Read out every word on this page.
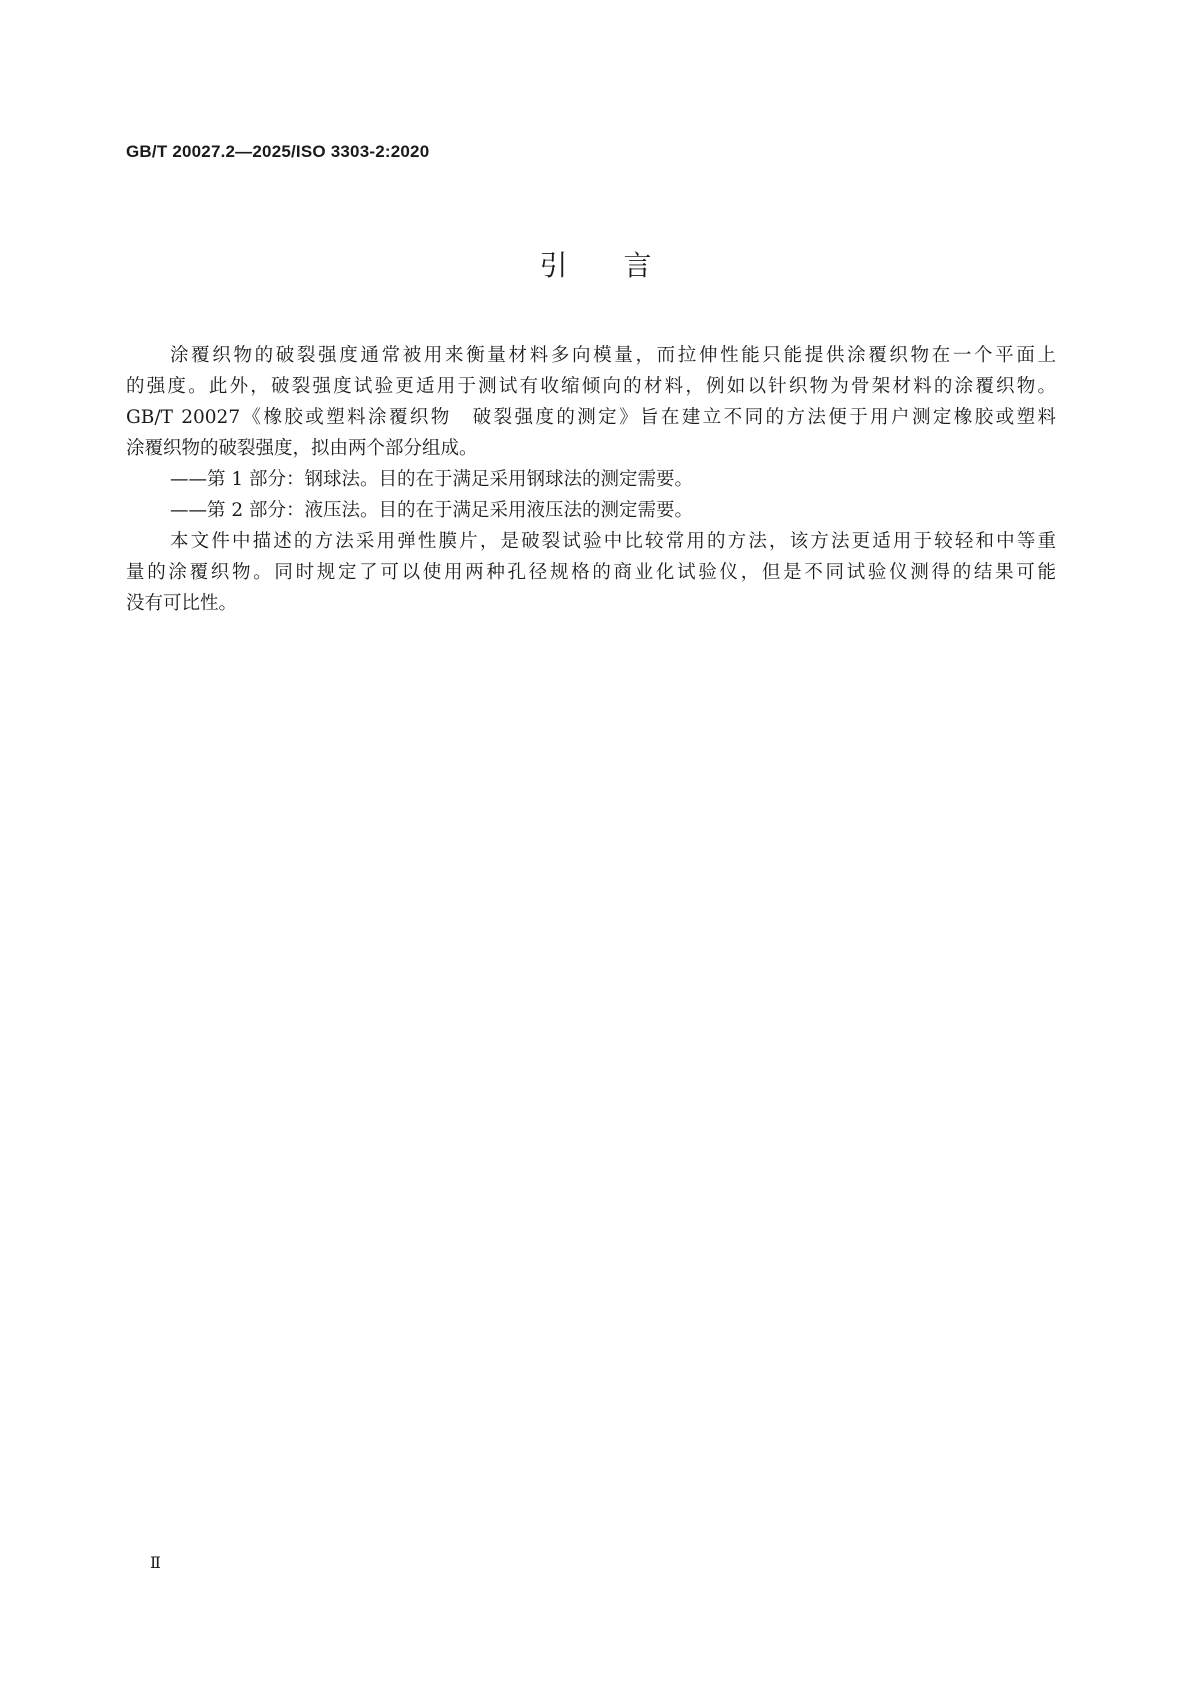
GB/T 20027.2—2025/ISO 3303-2:2020
引言
涂覆织物的破裂强度通常被用来衡量材料多向模量，而拉伸性能只能提供涂覆织物在一个平面上
的强度。此外，破裂强度试验更适用于测试有收缩倾向的材料，例如以针织物为骨架材料的涂覆织物。
GB/T 20027《橡胶或塑料涂覆织物　破裂强度的测定》旨在建立不同的方法便于用户测定橡胶或塑料
涂覆织物的破裂强度，拟由两个部分组成。
——第 1 部分：钢球法。目的在于满足采用钢球法的测定需要。
——第 2 部分：液压法。目的在于满足采用液压法的测定需要。
本文件中描述的方法采用弹性膜片，是破裂试验中比较常用的方法，该方法更适用于较轻和中等重
量的涂覆织物。同时规定了可以使用两种孔径规格的商业化试验仪，但是不同试验仪测得的结果可能
没有可比性。
Ⅱ
